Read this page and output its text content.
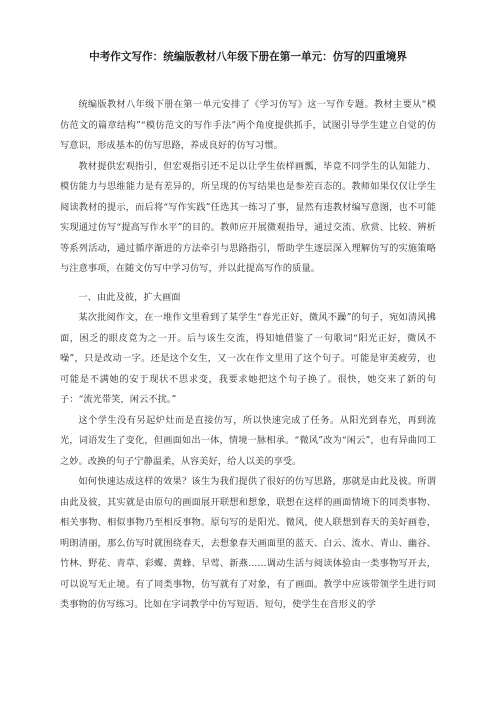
中考作文写作：统编版教材八年级下册在第一单元：仿写的四重境界

统编版教材八年级下册在第一单元安排了《学习仿写》这一写作专题。教材主要从“模仿范文的篇章结构”“模仿范文的写作手法”两个角度提供抓手，试图引导学生建立自觉的仿写意识，形成基本的仿写思路，养成良好的仿写习惯。

教材提供宏观指引，但宏观指引还不足以让学生依样画瓢，毕竟不同学生的认知能力、模仿能力与思维能力是有差异的，所呈现的仿写结果也是参差百态的。教师如果仅仅让学生阅读教材的提示，而后将“写作实践”任选其一练习了事，显然有违教材编写意图，也不可能实现通过仿写“提高写作水平”的目的。教师应开展微观指导，通过交流、欣赏、比较、辨析等系列活动，通过循序渐进的方法牵引与思路指引，帮助学生逐层深入理解仿写的实施策略与注意事项，在随文仿写中学习仿写，并以此提高写作的质量。

一、由此及彼，扩大画面

某次批阅作文，在一堆作文里看到了某学生“春光正好，微风不躁”的句子，宛如清风拂面，困乏的眼皮竟为之一开。后与该生交流，得知她借鉴了一句歌词“阳光正好，微风不噪”，只是改动一字。还是这个女生，又一次在作文里用了这个句子。可能是审美疲劳，也可能是不满她的安于现状不思求变，我要求她把这个句子换了。很快，她交来了新的句子：“流光带笑，闲云不扰。”

这个学生没有另起炉灶而是直接仿写，所以快速完成了任务。从阳光到春光，再到流光，词语发生了变化，但画面如出一体，情境一脉相承。“微风”改为“闲云”，也有异曲同工之妙。改换的句子宁静温柔，从容美好，给人以美的享受。

如何快速达成这样的效果？该生为我们提供了很好的仿写思路，那就是由此及彼。所谓由此及彼，其实就是由原句的画面展开联想和想象，联想在这样的画面情境下的同类事物、相关事物、相似事物乃至相反事物。原句写的是阳光、微风，使人联想到春天的美好画卷，明朗清丽，那么仿写时就围绕春天，去想象春天画面里的蓝天、白云、流水、青山、幽谷、竹林、野花、青草、彩蝶、黄蜂、早莺、新燕……调动生活与阅读体验由一类事物写开去，可以说写无止境。有了同类事物，仿写就有了对象，有了画面。教学中应该带领学生进行同类事物的仿写练习。比如在字词教学中仿写短语、短句，使学生在音形义的学
